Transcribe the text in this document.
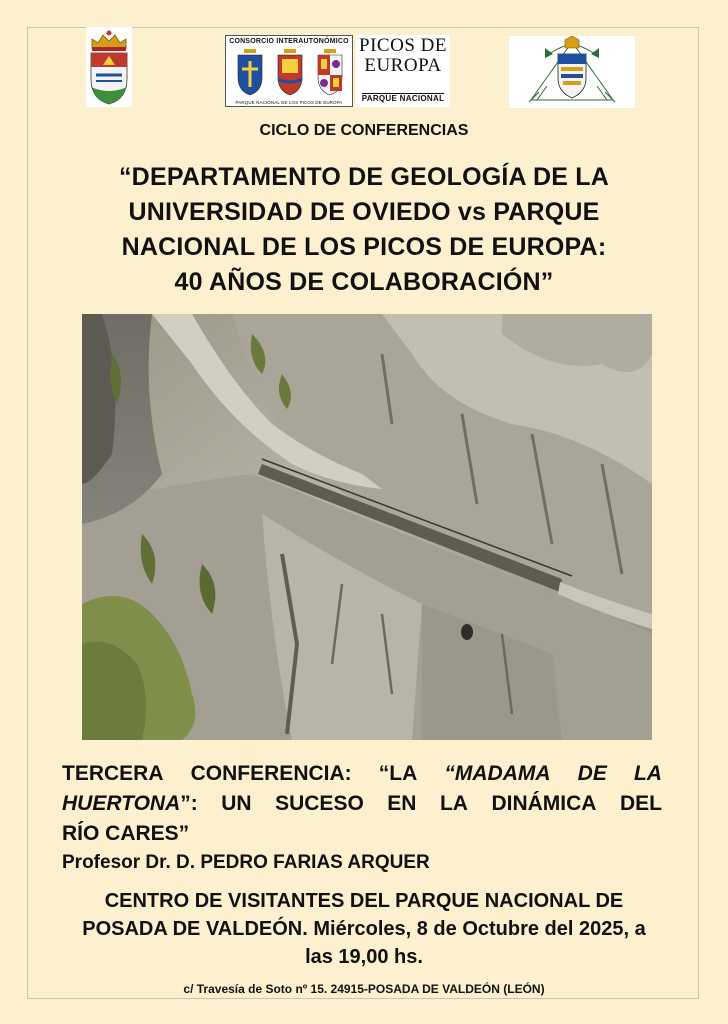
CONSORCIO INTERAUTONÓMICO
PARQUE NACIONAL DE LOS PICOS DE EUROPA
PICOS DE
EUROPA
PARQUE NACIONAL
CICLO DE CONFERENCIAS
“DEPARTAMENTO DE GEOLOGÍA DE LA
UNIVERSIDAD DE OVIEDO vs PARQUE
NACIONAL DE LOS PICOS DE EUROPA:
40 AÑOS DE COLABORACIÓN”
TERCERA CONFERENCIA: “LA “MADAMA DE LA
HUERTONA”: UN SUCESO EN LA DINÁMICA DEL
RÍO CARES”
Profesor Dr. D. PEDRO FARIAS ARQUER
CENTRO DE VISITANTES DEL PARQUE NACIONAL DE
POSADA DE VALDEÓN. Miércoles, 8 de Octubre del 2025, a
las 19,00 hs.
c/ Travesía de Soto nº 15. 24915-POSADA DE VALDEÓN (LEÓN)
